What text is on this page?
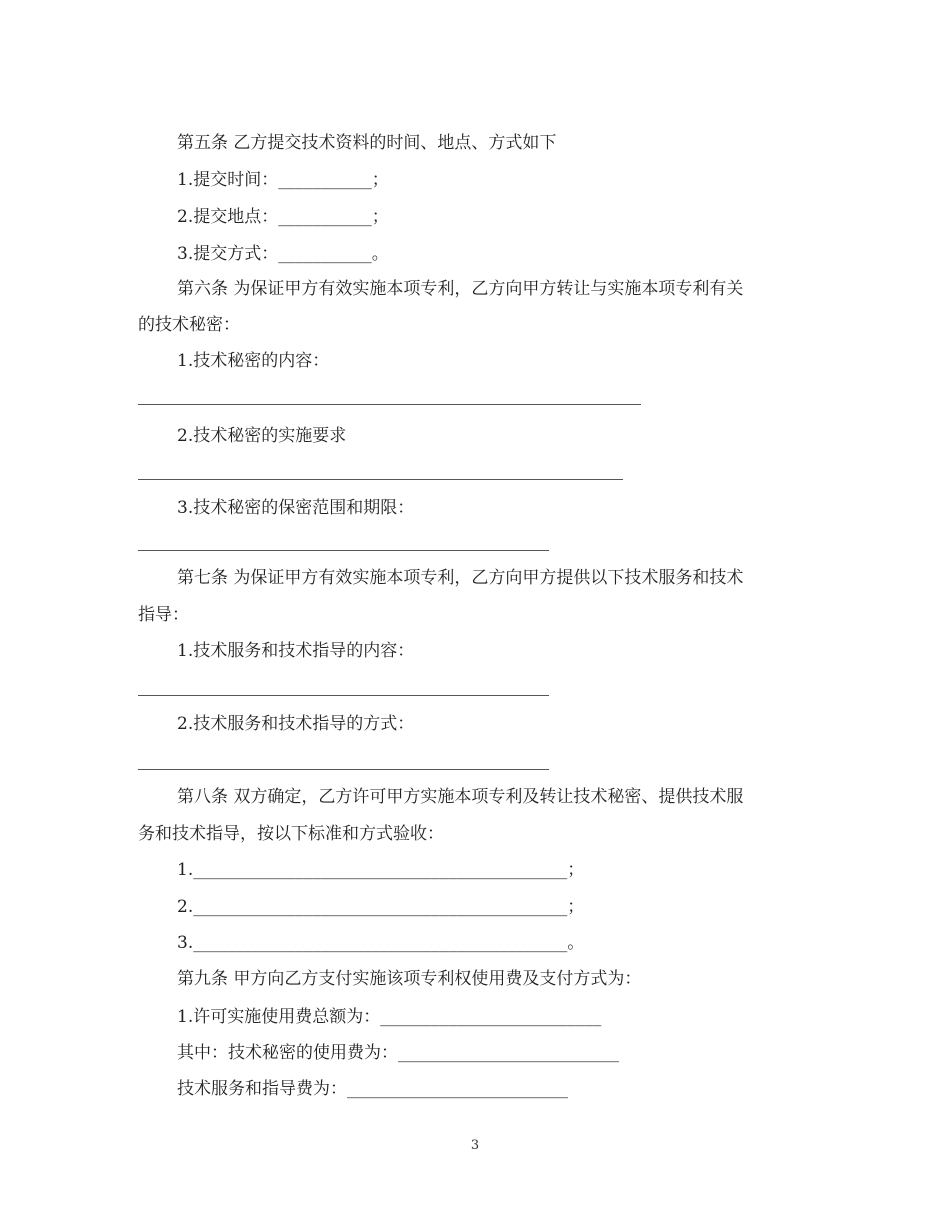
第五条 乙方提交技术资料的时间、地点、方式如下
1.提交时间：___________；
2.提交地点：___________；
3.提交方式：___________。
第六条 为保证甲方有效实施本项专利，乙方向甲方转让与实施本项专利有关
的技术秘密：
1.技术秘密的内容：
2.技术秘密的实施要求
3.技术秘密的保密范围和期限：
第七条 为保证甲方有效实施本项专利，乙方向甲方提供以下技术服务和技术
指导：
1.技术服务和技术指导的内容：
2.技术服务和技术指导的方式：
第八条 双方确定，乙方许可甲方实施本项专利及转让技术秘密、提供技术服
务和技术指导，按以下标准和方式验收：
1.____________________________________________；
2.____________________________________________；
3.____________________________________________。
第九条 甲方向乙方支付实施该项专利权使用费及支付方式为：
1.许可实施使用费总额为：__________________________
其中：技术秘密的使用费为：__________________________
技术服务和指导费为：__________________________
3
